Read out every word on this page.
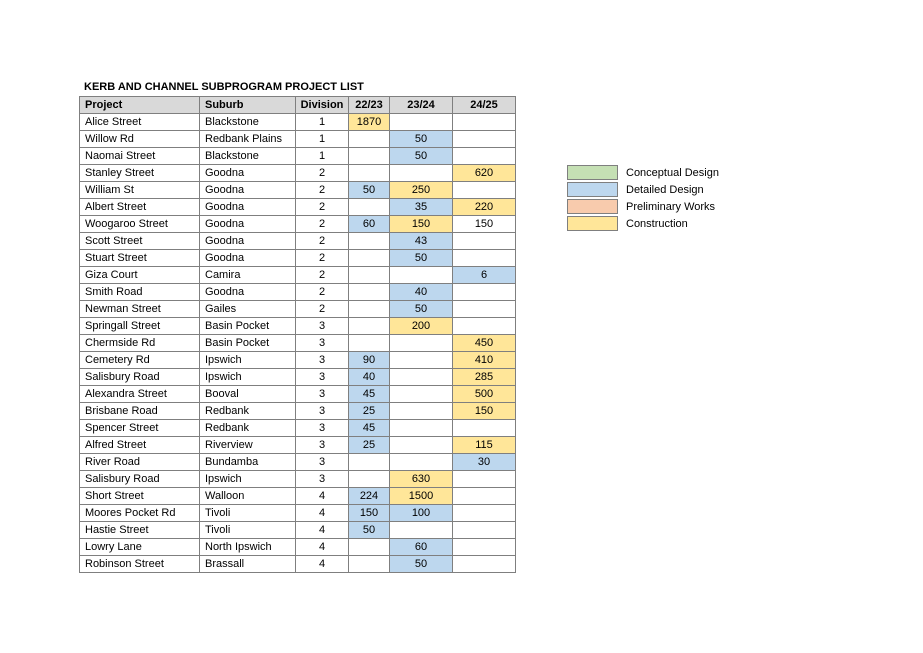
KERB AND CHANNEL SUBPROGRAM PROJECT LIST
Project	Suburb	Division	22/23	23/24	24/25
Alice Street	Blackstone	1	1870		
Willow Rd	Redbank Plains	1		50	
Naomai Street	Blackstone	1		50	
Stanley Street	Goodna	2			620
William St	Goodna	2	50	250	
Albert Street	Goodna	2		35	220
Woogaroo Street	Goodna	2	60	150	150
Scott Street	Goodna	2		43	
Stuart Street	Goodna	2		50	
Giza Court	Camira	2			6
Smith Road	Goodna	2		40	
Newman Street	Gailes	2		50	
Springall Street	Basin Pocket	3		200	
Chermside Rd	Basin Pocket	3			450
Cemetery Rd	Ipswich	3	90		410
Salisbury Road	Ipswich	3	40		285
Alexandra Street	Booval	3	45		500
Brisbane Road	Redbank	3	25		150
Spencer Street	Redbank	3	45		
Alfred Street	Riverview	3	25		115
River Road	Bundamba	3			30
Salisbury Road	Ipswich	3		630	
Short Street	Walloon	4	224	1500	
Moores Pocket Rd	Tivoli	4	150	100	
Hastie Street	Tivoli	4	50		
Lowry Lane	North Ipswich	4		60	
Robinson Street	Brassall	4		50	
Conceptual Design
Detailed Design
Preliminary Works
Construction
